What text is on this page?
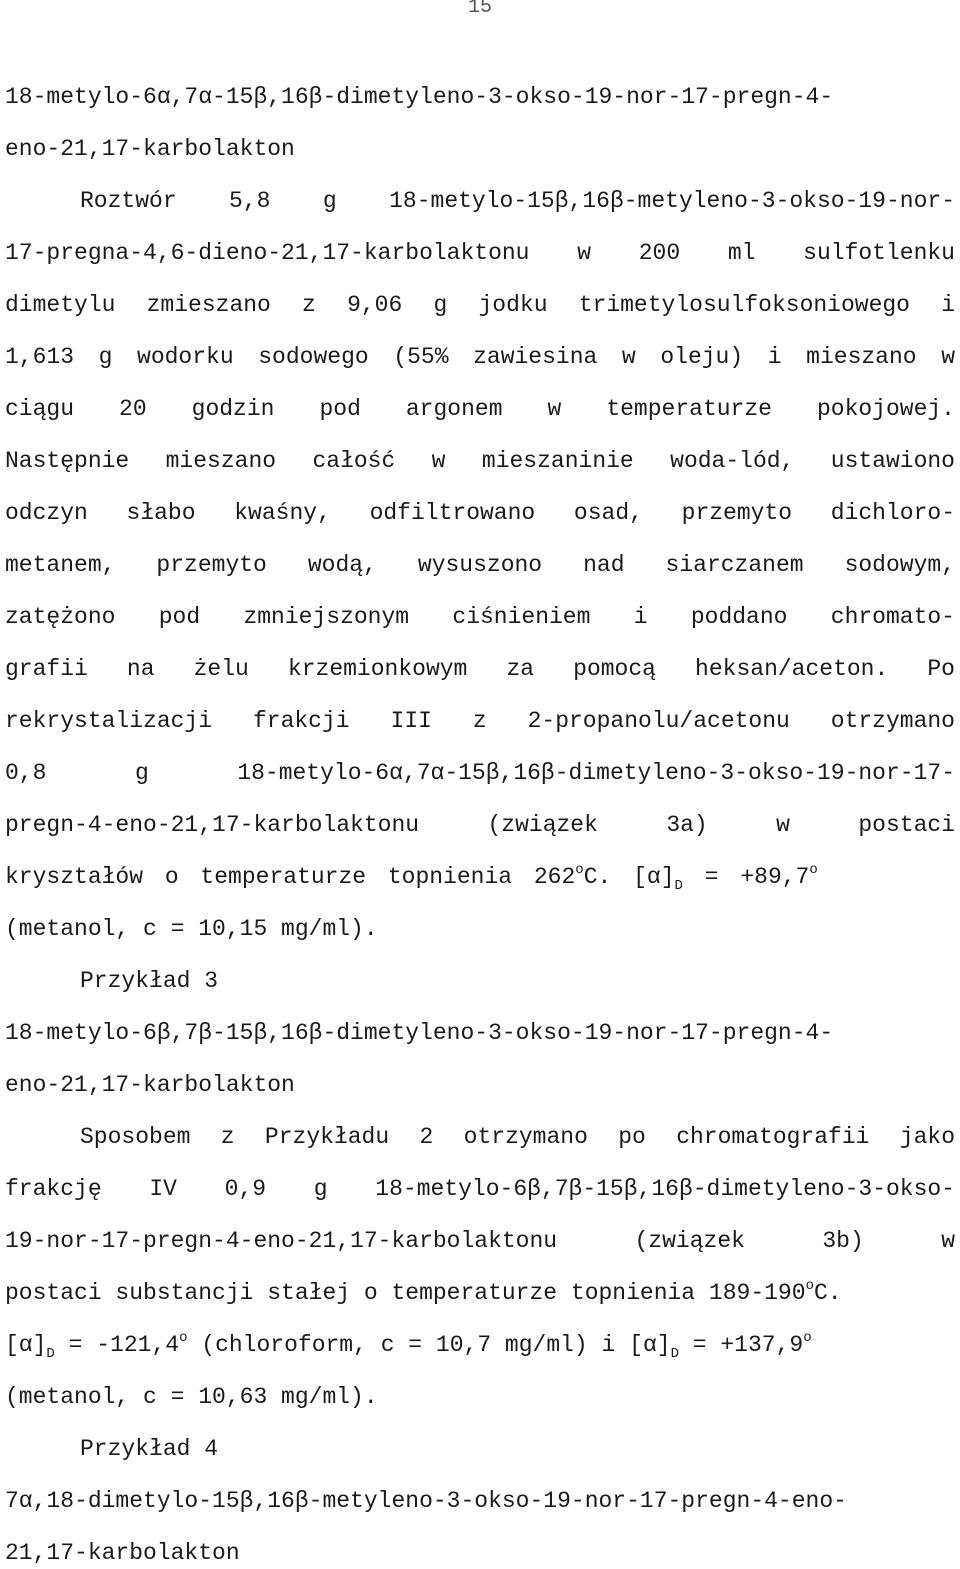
15
18-metylo-6α,7α-15β,16β-dimetyleno-3-okso-19-nor-17-pregn-4-
eno-21,17-karbolakton
Roztwór 5,8 g 18-metylo-15β,16β-metyleno-3-okso-19-nor-
17-pregna-4,6-dieno-21,17-karbolaktonu w 200 ml sulfotlenku
dimetylu zmieszano z 9,06 g jodku trimetylosulfoksoniowego i
1,613 g wodorku sodowego (55% zawiesina w oleju) i mieszano w
ciągu 20 godzin pod argonem w temperaturze pokojowej.
Następnie mieszano całość w mieszaninie woda-lód, ustawiono
odczyn słabo kwaśny, odfiltrowano osad, przemyto dichloro-
metanem, przemyto wodą, wysuszono nad siarczanem sodowym,
zatężono pod zmniejszonym ciśnieniem i poddano chromato-
grafii na żelu krzemionkowym za pomocą heksan/aceton. Po
rekrystalizacji frakcji III z 2-propanolu/acetonu otrzymano
0,8 g 18-metylo-6α,7α-15β,16β-dimetyleno-3-okso-19-nor-17-
pregn-4-eno-21,17-karbolaktonu (związek 3a) w postaci
kryształów o temperaturze topnienia 262$^o$C. $[\alpha]_D = +89,7^o$
(metanol, c = 10,15 mg/ml).
Przykład 3
18-metylo-6β,7β-15β,16β-dimetyleno-3-okso-19-nor-17-pregn-4-
eno-21,17-karbolakton
Sposobem z Przykładu 2 otrzymano po chromatografii jako
frakcję IV 0,9 g 18-metylo-6β,7β-15β,16β-dimetyleno-3-okso-
19-nor-17-pregn-4-eno-21,17-karbolaktonu (związek 3b) w
postaci substancji stałej o temperaturze topnienia 189-190$^o$C.
$[\alpha]_D = -121,4^o$ (chloroform, c = 10,7 mg/ml) i $[\alpha]_D = +137,9^o$
(metanol, c = 10,63 mg/ml).
Przykład 4
7α,18-dimetylo-15β,16β-metyleno-3-okso-19-nor-17-pregn-4-eno-
21,17-karbolakton
